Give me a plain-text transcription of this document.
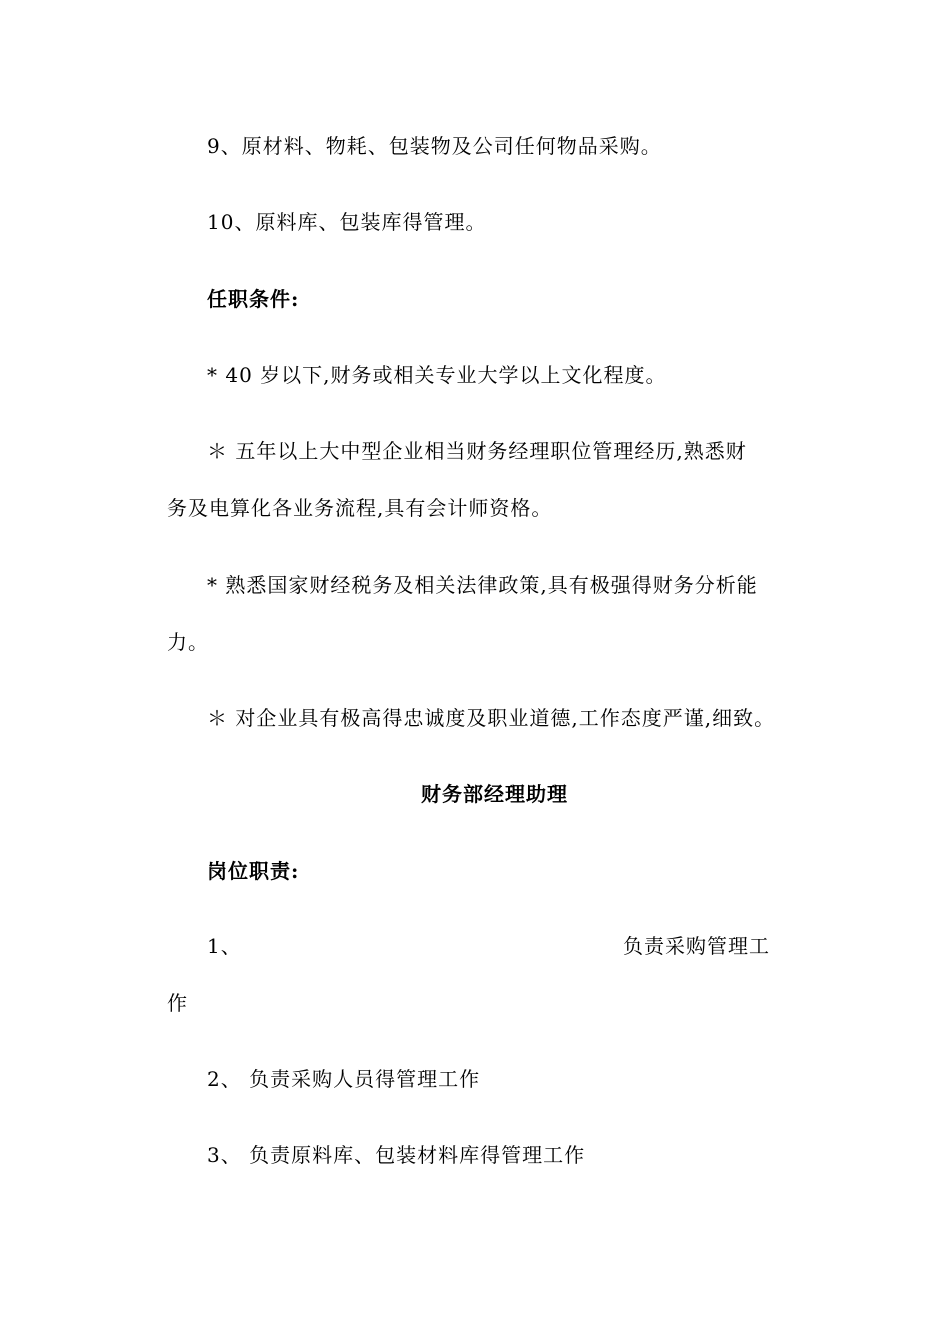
9、原材料、物耗、包装物及公司任何物品采购。
10、原料库、包装库得管理。
任职条件:
* 40 岁以下,财务或相关专业大学以上文化程度。
＊ 五年以上大中型企业相当财务经理职位管理经历,熟悉财
务及电算化各业务流程,具有会计师资格。
* 熟悉国家财经税务及相关法律政策,具有极强得财务分析能
力。
＊ 对企业具有极高得忠诚度及职业道德,工作态度严谨,细致。
财务部经理助理
岗位职责:
1、	负责采购管理工
作
2、 负责采购人员得管理工作
3、 负责原料库、包装材料库得管理工作
